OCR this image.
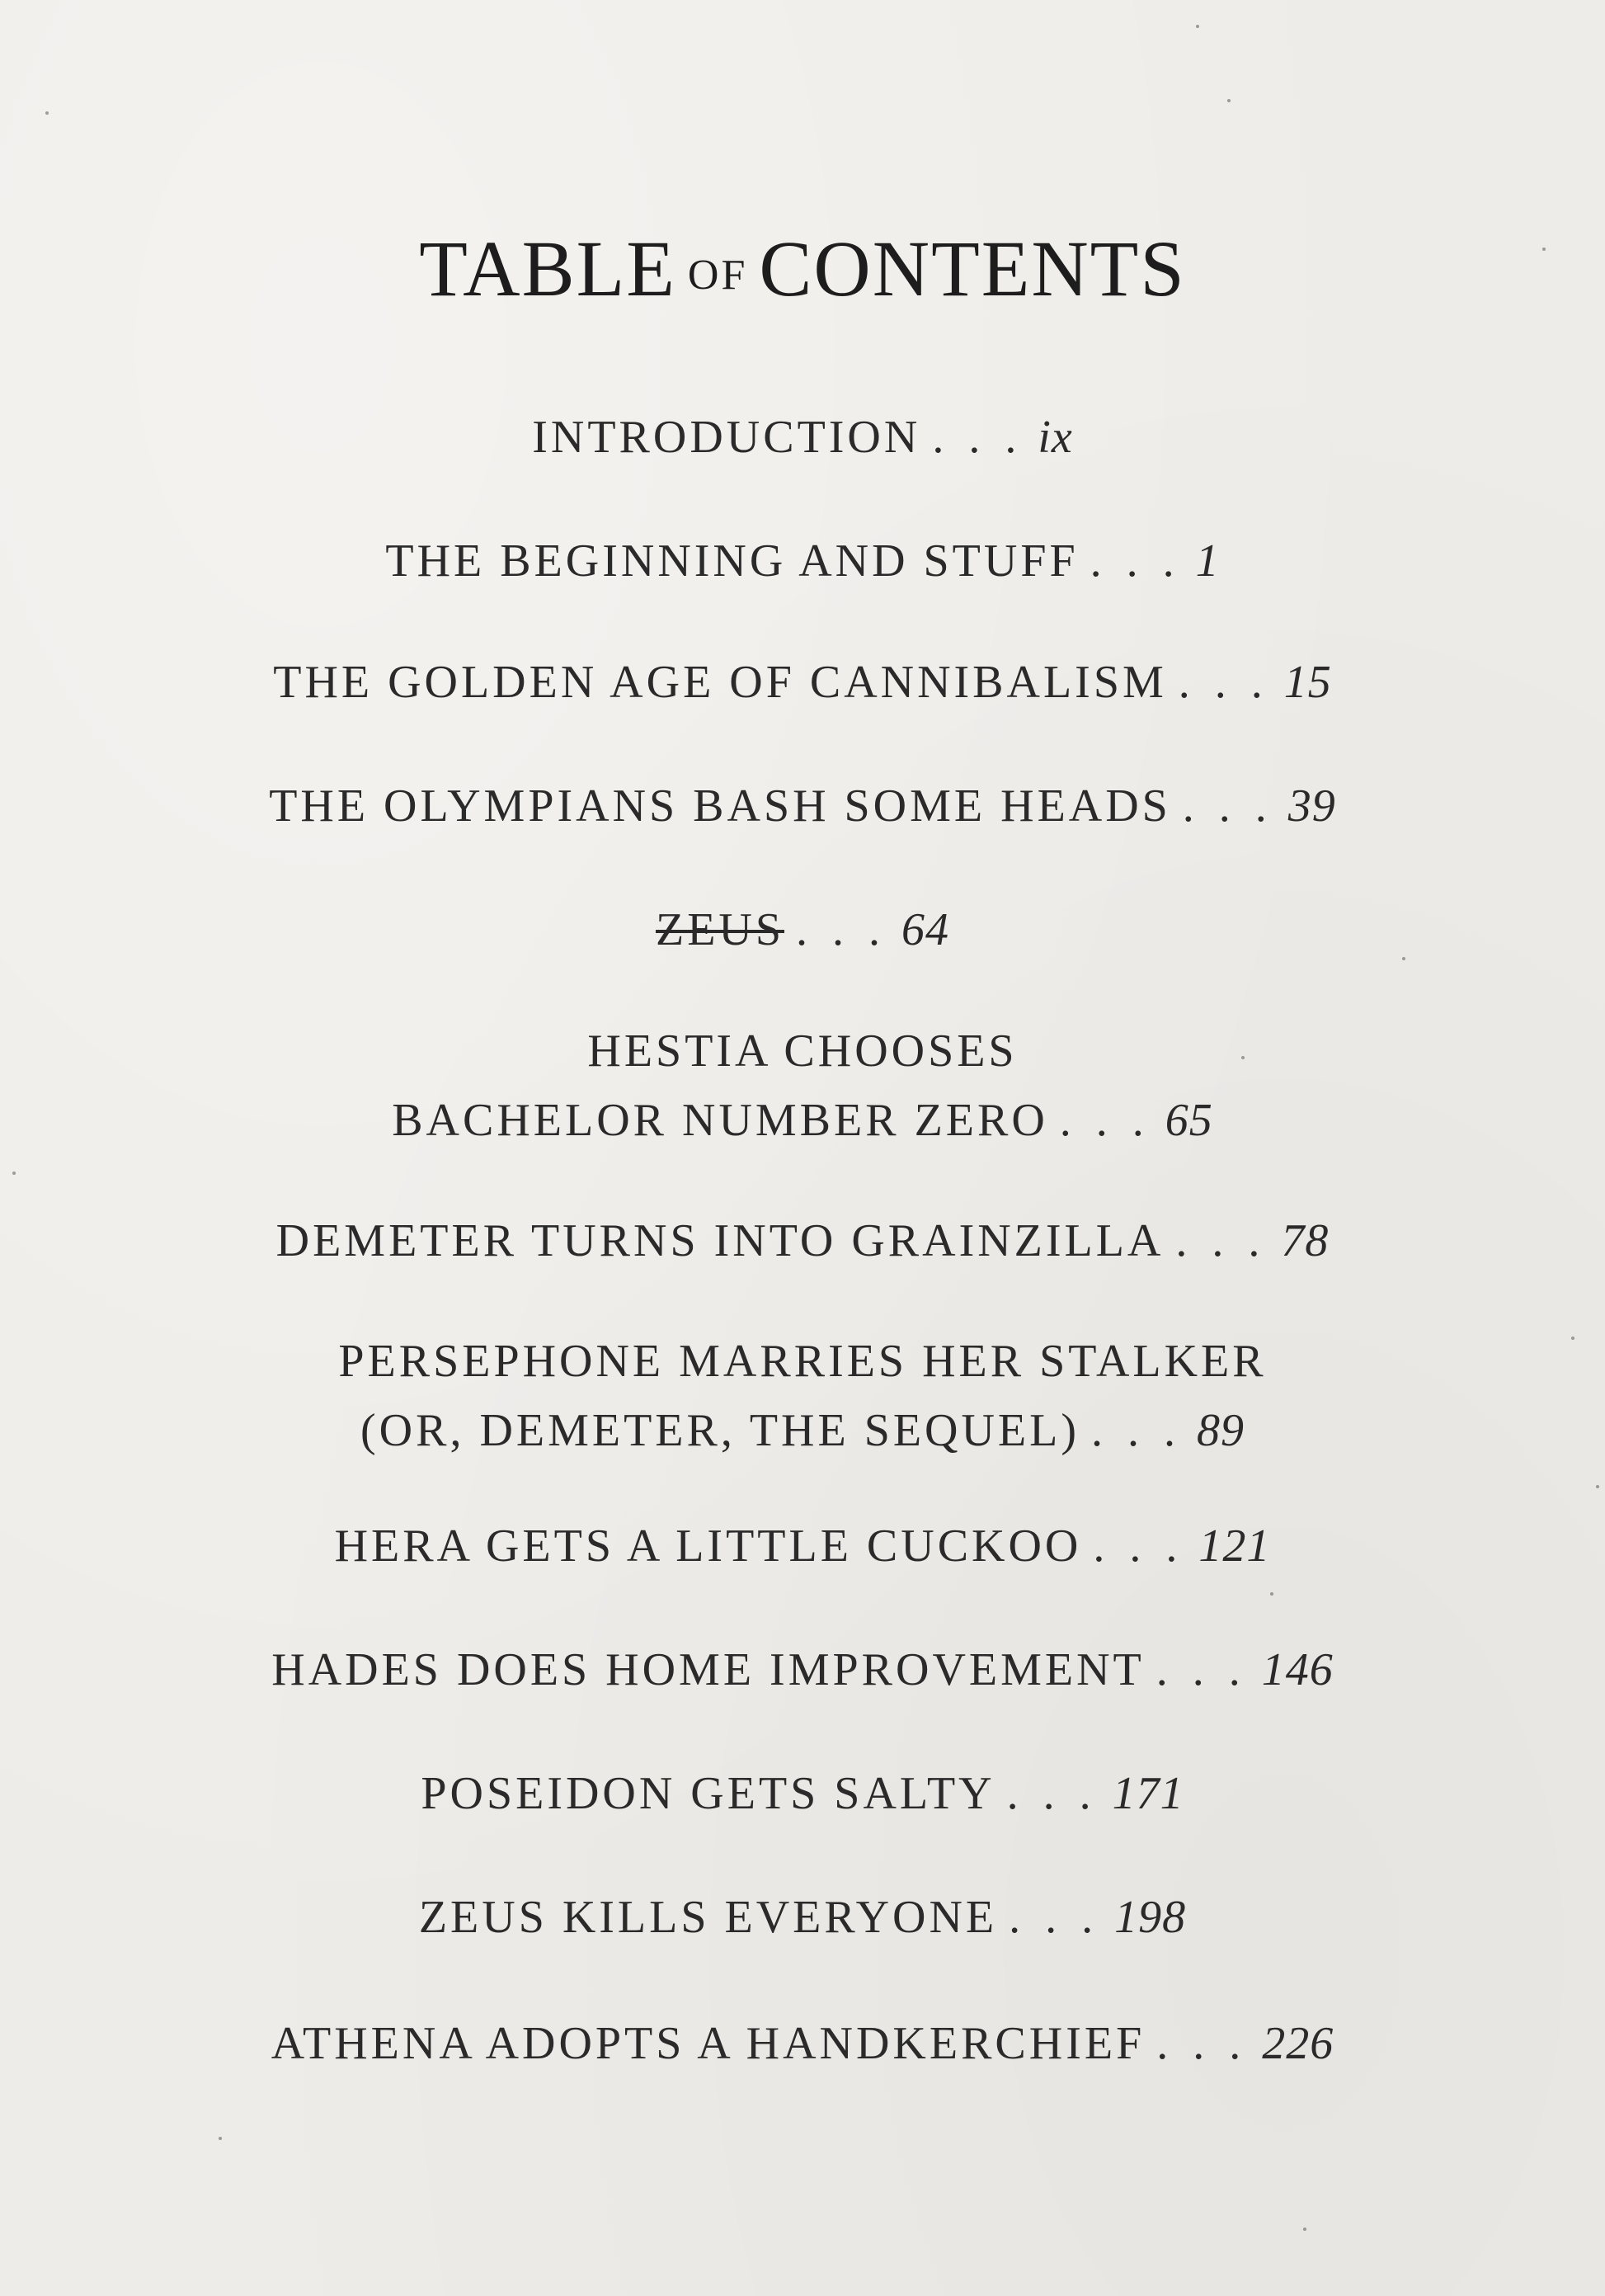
TABLE OF CONTENTS
INTRODUCTION . . . ix
THE BEGINNING AND STUFF . . . 1
THE GOLDEN AGE OF CANNIBALISM . . . 15
THE OLYMPIANS BASH SOME HEADS . . . 39
ZEUS . . . 64
HESTIA CHOOSES
BACHELOR NUMBER ZERO . . . 65
DEMETER TURNS INTO GRAINZILLA . . . 78
PERSEPHONE MARRIES HER STALKER
(OR, DEMETER, THE SEQUEL) . . . 89
HERA GETS A LITTLE CUCKOO . . . 121
HADES DOES HOME IMPROVEMENT . . . 146
POSEIDON GETS SALTY . . . 171
ZEUS KILLS EVERYONE . . . 198
ATHENA ADOPTS A HANDKERCHIEF . . . 226
